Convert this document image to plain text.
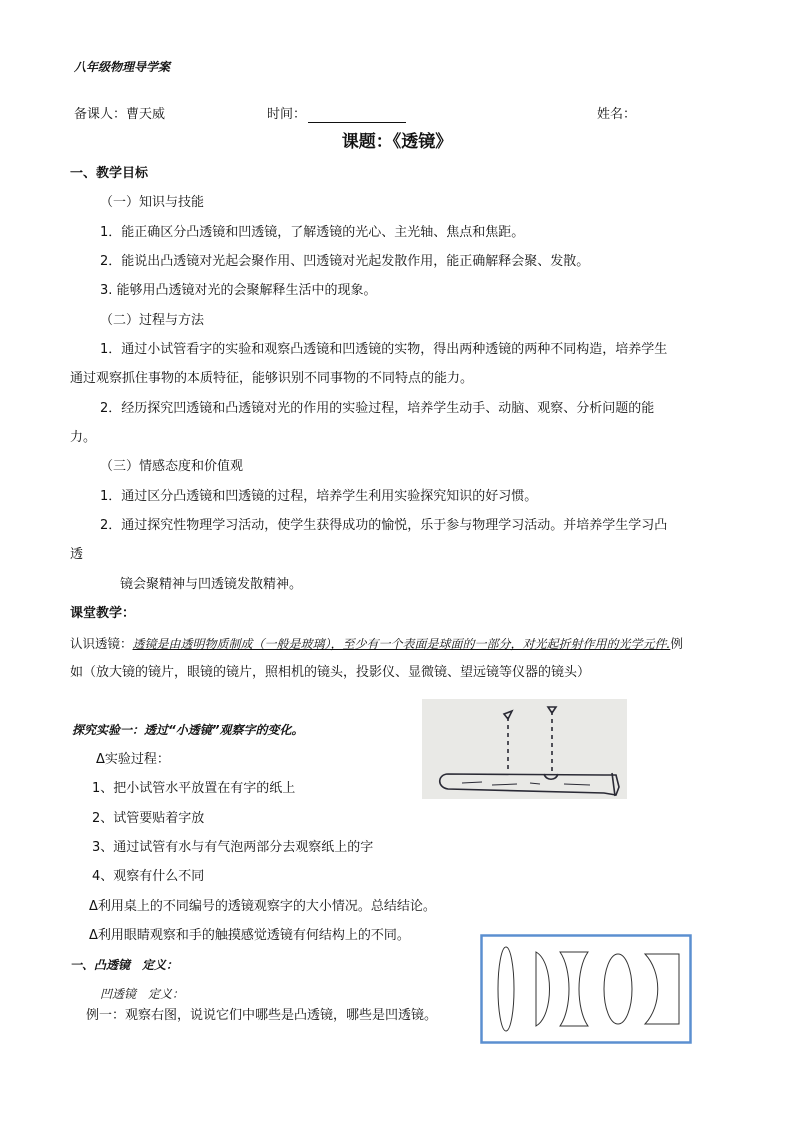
八年级物理导学案
备课人：曹天威	时间：	姓名：
课题：《透镜》
一、教学目标
（一）知识与技能
1．能正确区分凸透镜和凹透镜，了解透镜的光心、主光轴、焦点和焦距。
2．能说出凸透镜对光起会聚作用、凹透镜对光起发散作用，能正确解释会聚、发散。
3. 能够用凸透镜对光的会聚解释生活中的现象。
（二）过程与方法
1．通过小试管看字的实验和观察凸透镜和凹透镜的实物，得出两种透镜的两种不同构造，培养学生
通过观察抓住事物的本质特征，能够识别不同事物的不同特点的能力。
2．经历探究凹透镜和凸透镜对光的作用的实验过程，培养学生动手、动脑、观察、分析问题的能
力。
（三）情感态度和价值观
1．通过区分凸透镜和凹透镜的过程，培养学生利用实验探究知识的好习惯。
2．通过探究性物理学习活动，使学生获得成功的愉悦，乐于参与物理学习活动。并培养学生学习凸
透
镜会聚精神与凹透镜发散精神。
课堂教学：
认识透镜：透镜是由透明物质制成（一般是玻璃），至少有一个表面是球面的一部分，对光起折射作用的光学元件.例
如（放大镜的镜片，眼镜的镜片，照相机的镜头，投影仪、显微镜、望远镜等仪器的镜头）
探究实验一：透过“小透镜”观察字的变化。
Δ实验过程：
1、把小试管水平放置在有字的纸上
2、试管要贴着字放
3、通过试管有水与有气泡两部分去观察纸上的字
4、观察有什么不同
Δ利用桌上的不同编号的透镜观察字的大小情况。总结结论。
Δ利用眼睛观察和手的触摸感觉透镜有何结构上的不同。
一、凸透镜　定义：
凹透镜　定义：
例一：观察右图，说说它们中哪些是凸透镜，哪些是凹透镜。
